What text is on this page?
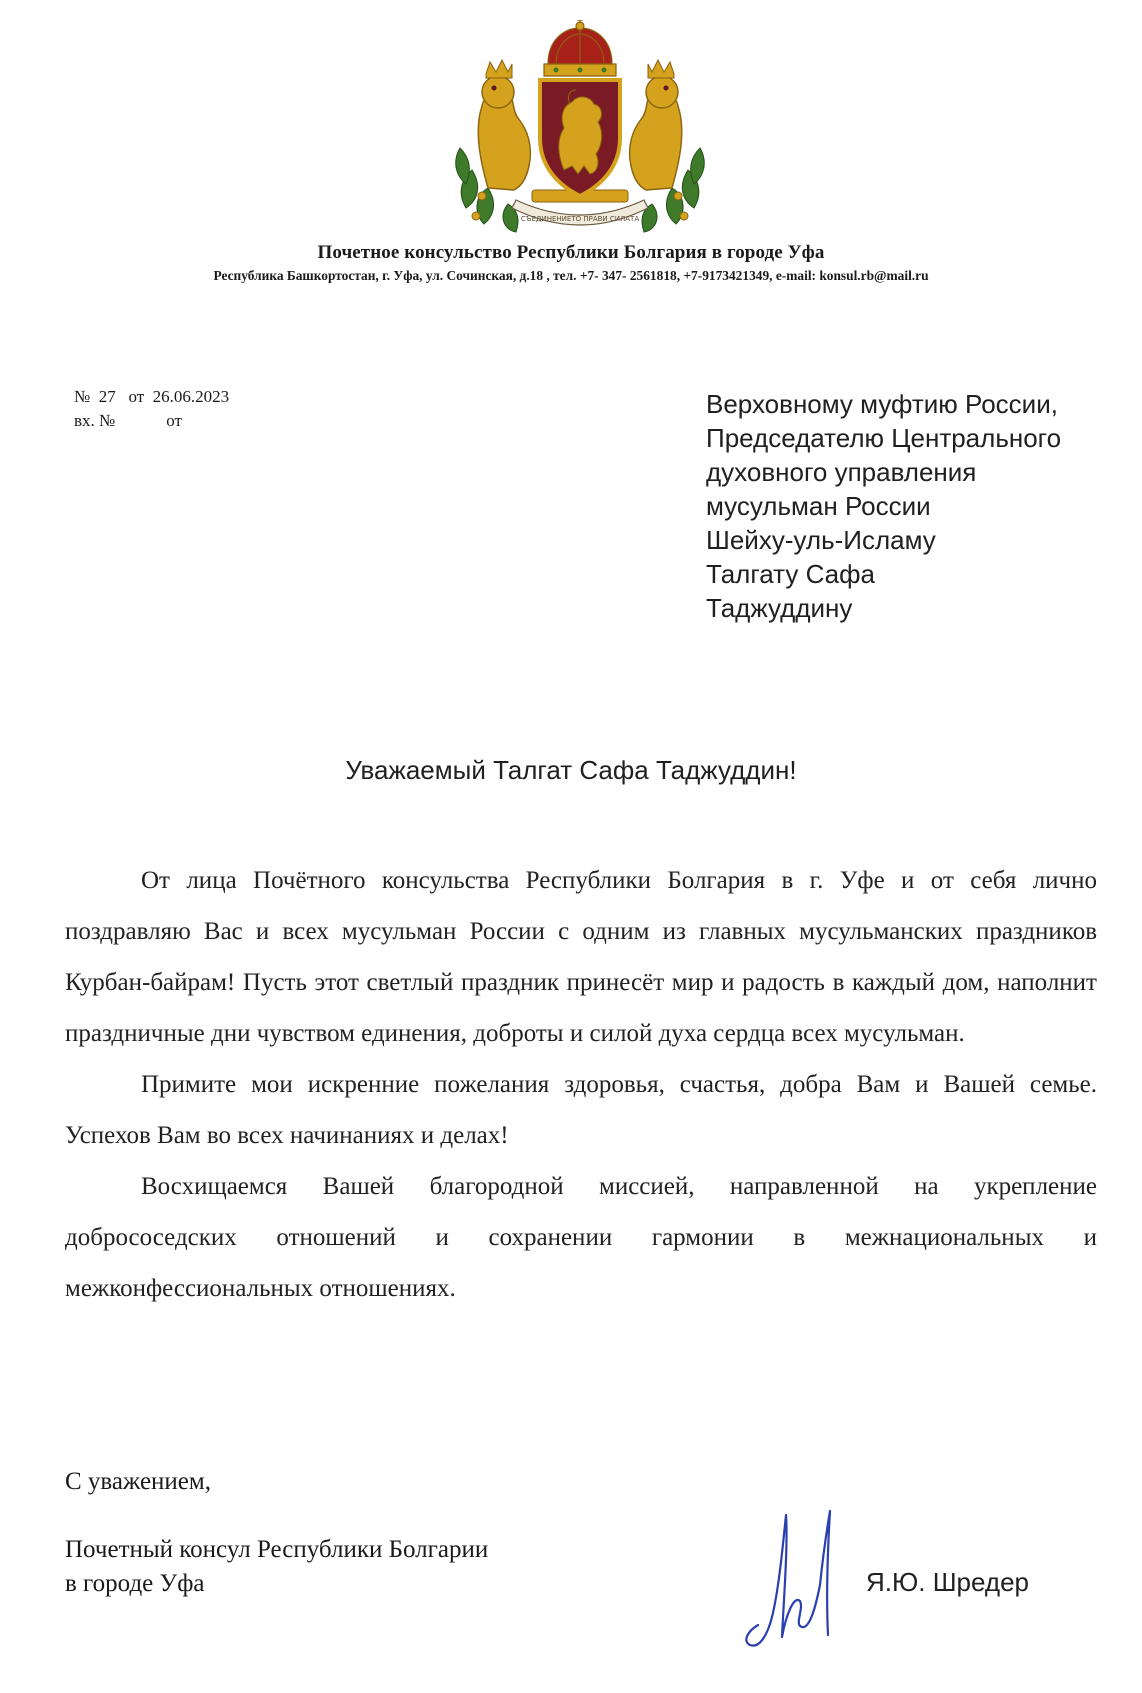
СЪЕДИНЕНИЕТО ПРАВИ СИЛАТА
Почетное консульство Республики Болгария в городе Уфа
Республика Башкортостан, г. Уфа, ул. Сочинская, д.18 , тел. +7- 347- 2561818, +7-9173421349, e-mail: konsul.rb@mail.ru
№  27   от  26.06.2023
вх. №            от
Верховному муфтию России,
Председателю Центрального
духовного управления
мусульман России
Шейху-уль-Исламу
Талгату Сафа
Таджуддину
Уважаемый Талгат Сафа Таджуддин!

От лица Почётного консульства Республики Болгария в г. Уфе и от себя лично поздравляю Вас и всех мусульман России с одним из главных мусульманских праздников Курбан-байрам! Пусть этот светлый праздник принесёт мир и радость в каждый дом, наполнит праздничные дни чувством единения, доброты и силой духа сердца всех мусульман.

Примите мои искренние пожелания здоровья, счастья, добра Вам и Вашей семье. Успехов Вам во всех начинаниях и делах!

Восхищаемся Вашей благородной миссией, направленной на укрепление добрососедских отношений и сохранении гармонии в межнациональных и межконфессиональных отношениях.

С уважением,
Почетный консул Республики Болгарии
в городе Уфа	Я.Ю. Шредер
